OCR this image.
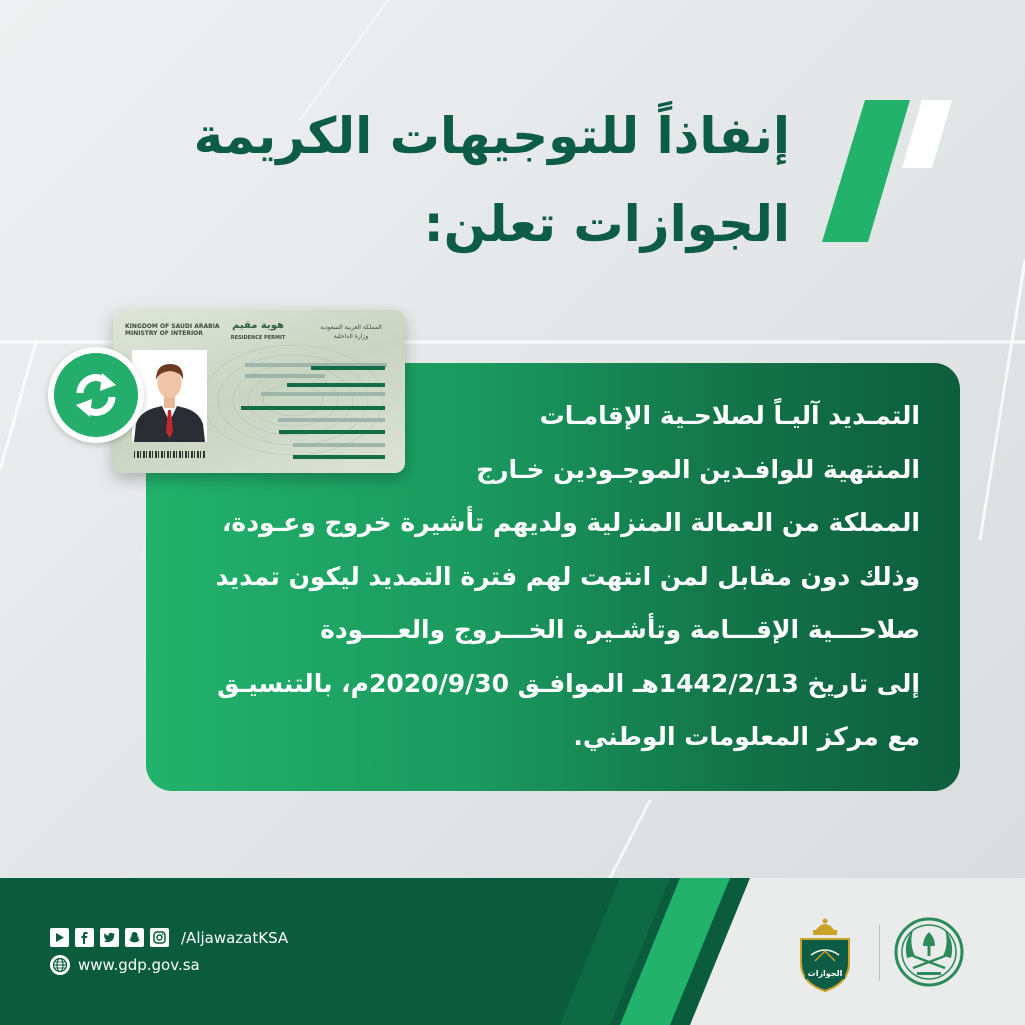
إنفاذاً للتوجيهات الكريمة
الجوازات تعلن:
KINGDOM OF SAUDI ARABIA
MINISTRY OF INTERIOR
هوية مقيم
RESIDENCE PERMIT
المملكة العربية السعودية
وزارة الداخلية
التمـديد آليـاً لصلاحـية الإقامـات
المنتهية للوافـدين الموجـودين خـارج
المملكة من العمالة المنزلية ولديهم تأشيرة خروج وعـودة،
وذلك دون مقابل لمن انتهت لهم فترة التمديد ليكون تمديد
صلاحـــية الإقـــامة وتأشـيرة الخـــروج والعــــودة
إلى تاريخ 1442/2/13هـ الموافـق 2020/9/30م، بالتنسيـق
مع مركز المعلومات الوطني.
/AljawazatKSA
www.gdp.gov.sa	الجوازات
